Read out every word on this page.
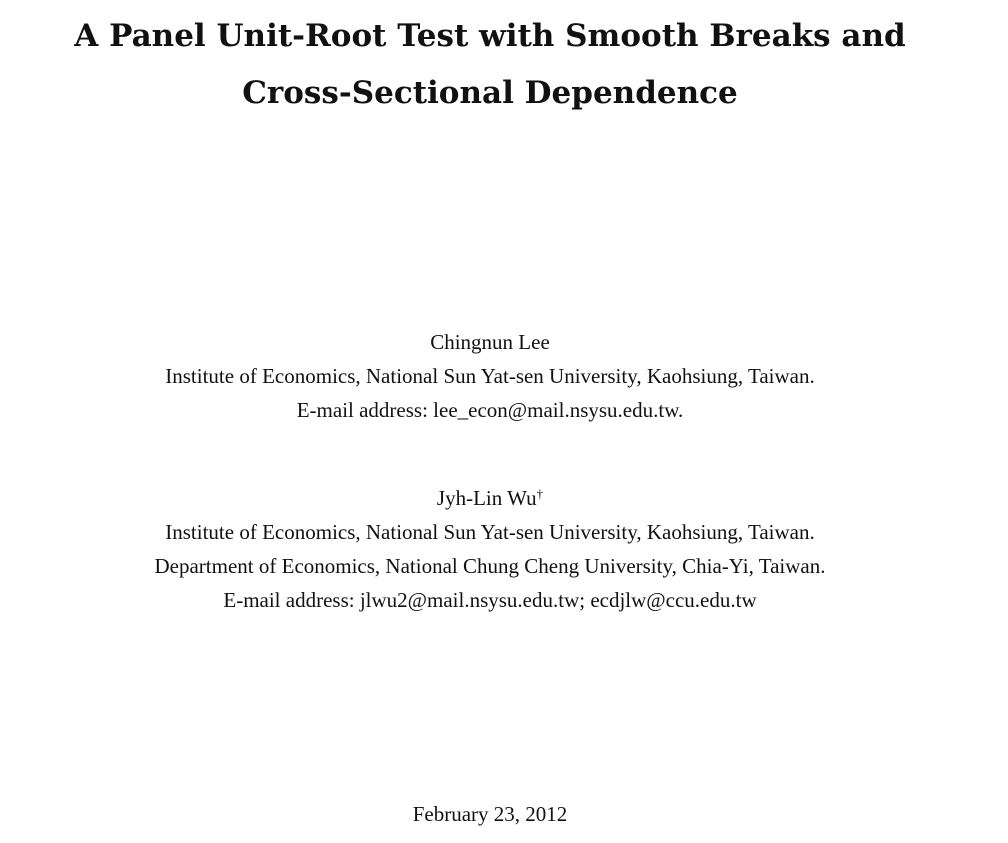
A Panel Unit-Root Test with Smooth Breaks and
Cross-Sectional Dependence
Chingnun Lee
Institute of Economics, National Sun Yat-sen University, Kaohsiung, Taiwan.
E-mail address: lee_econ@mail.nsysu.edu.tw.
Jyh-Lin Wu†
Institute of Economics, National Sun Yat-sen University, Kaohsiung, Taiwan.
Department of Economics, National Chung Cheng University, Chia-Yi, Taiwan.
E-mail address: jlwu2@mail.nsysu.edu.tw; ecdjlw@ccu.edu.tw
February 23, 2012
